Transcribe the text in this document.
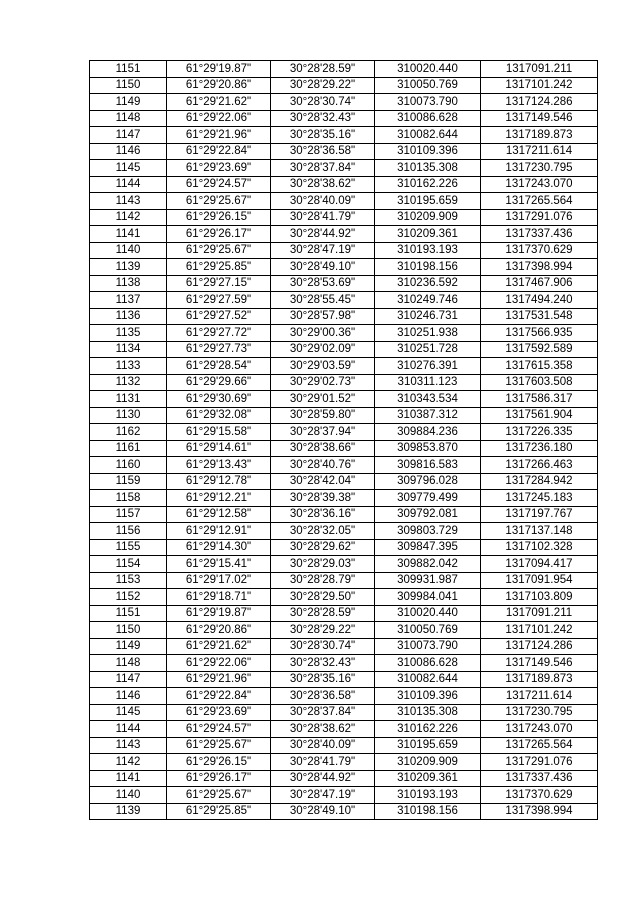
1151	61°29'19.87"	30°28'28.59"	310020.440	1317091.211
1150	61°29'20.86"	30°28'29.22"	310050.769	1317101.242
1149	61°29'21.62"	30°28'30.74"	310073.790	1317124.286
1148	61°29'22.06"	30°28'32.43"	310086.628	1317149.546
1147	61°29'21.96"	30°28'35.16"	310082.644	1317189.873
1146	61°29'22.84"	30°28'36.58"	310109.396	1317211.614
1145	61°29'23.69"	30°28'37.84"	310135.308	1317230.795
1144	61°29'24.57"	30°28'38.62"	310162.226	1317243.070
1143	61°29'25.67"	30°28'40.09"	310195.659	1317265.564
1142	61°29'26.15"	30°28'41.79"	310209.909	1317291.076
1141	61°29'26.17"	30°28'44.92"	310209.361	1317337.436
1140	61°29'25.67"	30°28'47.19"	310193.193	1317370.629
1139	61°29'25.85"	30°28'49.10"	310198.156	1317398.994
1138	61°29'27.15"	30°28'53.69"	310236.592	1317467.906
1137	61°29'27.59"	30°28'55.45"	310249.746	1317494.240
1136	61°29'27.52"	30°28'57.98"	310246.731	1317531.548
1135	61°29'27.72"	30°29'00.36"	310251.938	1317566.935
1134	61°29'27.73"	30°29'02.09"	310251.728	1317592.589
1133	61°29'28.54"	30°29'03.59"	310276.391	1317615.358
1132	61°29'29.66"	30°29'02.73"	310311.123	1317603.508
1131	61°29'30.69"	30°29'01.52"	310343.534	1317586.317
1130	61°29'32.08"	30°28'59.80"	310387.312	1317561.904
1162	61°29'15.58"	30°28'37.94"	309884.236	1317226.335
1161	61°29'14.61"	30°28'38.66"	309853.870	1317236.180
1160	61°29'13.43"	30°28'40.76"	309816.583	1317266.463
1159	61°29'12.78"	30°28'42.04"	309796.028	1317284.942
1158	61°29'12.21"	30°28'39.38"	309779.499	1317245.183
1157	61°29'12.58"	30°28'36.16"	309792.081	1317197.767
1156	61°29'12.91"	30°28'32.05"	309803.729	1317137.148
1155	61°29'14.30"	30°28'29.62"	309847.395	1317102.328
1154	61°29'15.41"	30°28'29.03"	309882.042	1317094.417
1153	61°29'17.02"	30°28'28.79"	309931.987	1317091.954
1152	61°29'18.71"	30°28'29.50"	309984.041	1317103.809
1151	61°29'19.87"	30°28'28.59"	310020.440	1317091.211
1150	61°29'20.86"	30°28'29.22"	310050.769	1317101.242
1149	61°29'21.62"	30°28'30.74"	310073.790	1317124.286
1148	61°29'22.06"	30°28'32.43"	310086.628	1317149.546
1147	61°29'21.96"	30°28'35.16"	310082.644	1317189.873
1146	61°29'22.84"	30°28'36.58"	310109.396	1317211.614
1145	61°29'23.69"	30°28'37.84"	310135.308	1317230.795
1144	61°29'24.57"	30°28'38.62"	310162.226	1317243.070
1143	61°29'25.67"	30°28'40.09"	310195.659	1317265.564
1142	61°29'26.15"	30°28'41.79"	310209.909	1317291.076
1141	61°29'26.17"	30°28'44.92"	310209.361	1317337.436
1140	61°29'25.67"	30°28'47.19"	310193.193	1317370.629
1139	61°29'25.85"	30°28'49.10"	310198.156	1317398.994
